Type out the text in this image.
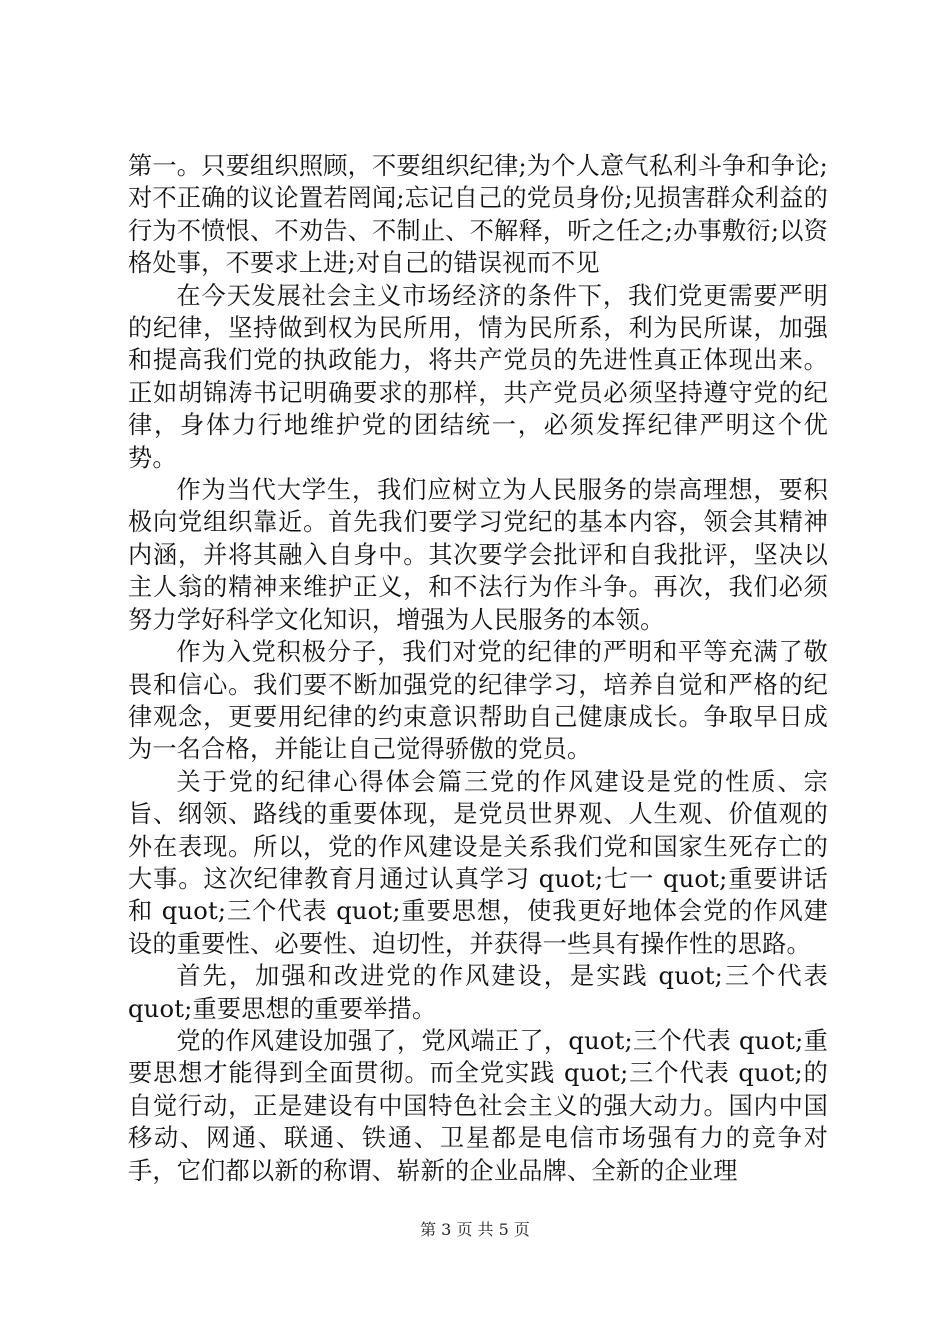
第一。只要组织照顾，不要组织纪律;为个人意气私利斗争和争论;对不正确的议论置若罔闻;忘记自己的党员身份;见损害群众利益的行为不愤恨、不劝告、不制止、不解释，听之任之;办事敷衍;以资格处事，不要求上进;对自己的错误视而不见

在今天发展社会主义市场经济的条件下，我们党更需要严明的纪律，坚持做到权为民所用，情为民所系，利为民所谋，加强和提高我们党的执政能力，将共产党员的先进性真正体现出来。正如胡锦涛书记明确要求的那样，共产党员必须坚持遵守党的纪律，身体力行地维护党的团结统一，必须发挥纪律严明这个优势。

作为当代大学生，我们应树立为人民服务的崇高理想，要积极向党组织靠近。首先我们要学习党纪的基本内容，领会其精神内涵，并将其融入自身中。其次要学会批评和自我批评，坚决以主人翁的精神来维护正义，和不法行为作斗争。再次，我们必须努力学好科学文化知识，增强为人民服务的本领。

作为入党积极分子，我们对党的纪律的严明和平等充满了敬畏和信心。我们要不断加强党的纪律学习，培养自觉和严格的纪律观念，更要用纪律的约束意识帮助自己健康成长。争取早日成为一名合格，并能让自己觉得骄傲的党员。

关于党的纪律心得体会篇三党的作风建设是党的性质、宗旨、纲领、路线的重要体现，是党员世界观、人生观、价值观的外在表现。所以，党的作风建设是关系我们党和国家生死存亡的大事。这次纪律教育月通过认真学习 quot;七一 quot;重要讲话和 quot;三个代表 quot;重要思想，使我更好地体会党的作风建设的重要性、必要性、迫切性，并获得一些具有操作性的思路。

首先，加强和改进党的作风建设，是实践 quot;三个代表 quot;重要思想的重要举措。

党的作风建设加强了，党风端正了，quot;三个代表 quot;重要思想才能得到全面贯彻。而全党实践 quot;三个代表 quot;的自觉行动，正是建设有中国特色社会主义的强大动力。国内中国移动、网通、联通、铁通、卫星都是电信市场强有力的竞争对手，它们都以新的称谓、崭新的企业品牌、全新的企业理

第 3 页 共 5 页
